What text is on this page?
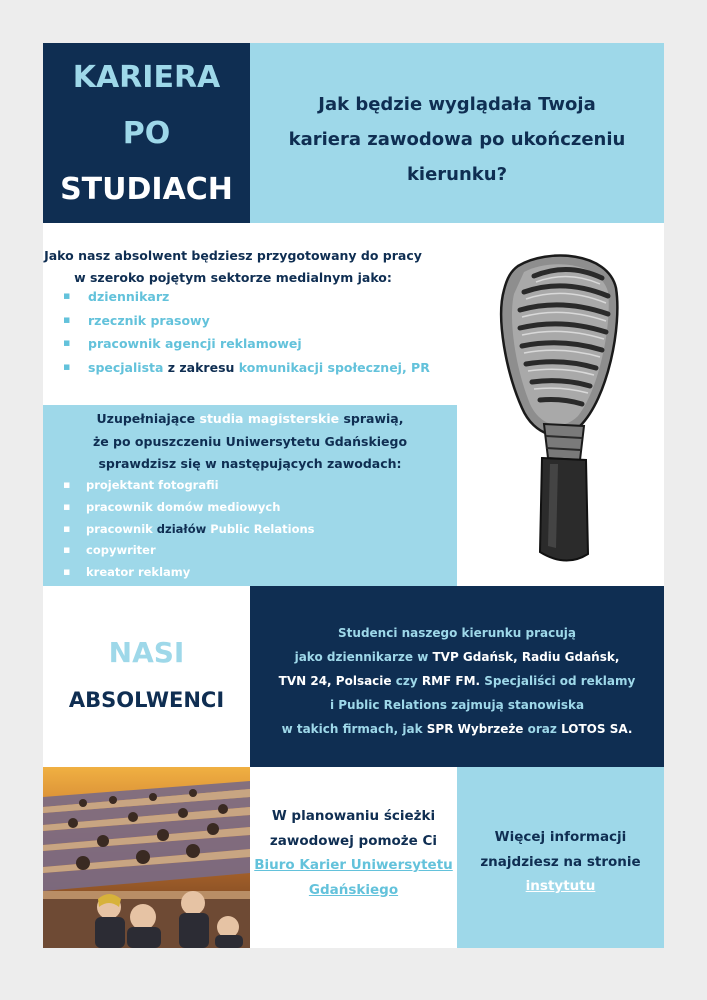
KARIERA
PO
STUDIACH
Jak będzie wyglądała Twoja
kariera zawodowa po ukończeniu
kierunku?
Jako nasz absolwent będziesz przygotowany do pracy
w szeroko pojętym sektorze medialnym jako:
▪ dziennikarz
▪ rzecznik prasowy
▪ pracownik agencji reklamowej
▪ specjalista z zakresu komunikacji społecznej, PR
Uzupełniające studia magisterskie sprawią,
że po opuszczeniu Uniwersytetu Gdańskiego
sprawdzisz się w następujących zawodach:
▪ projektant fotografii
▪ pracownik domów mediowych
▪ pracownik działów Public Relations
▪ copywriter
▪ kreator reklamy
NASI
ABSOLWENCI
Studenci naszego kierunku pracują
jako dziennikarze w TVP Gdańsk, Radiu Gdańsk,
TVN 24, Polsacie czy RMF FM. Specjaliści od reklamy
i Public Relations zajmują stanowiska
w takich firmach, jak SPR Wybrzeże oraz LOTOS SA.
W planowaniu ścieżki
zawodowej pomoże Ci
Biuro Karier Uniwersytetu
Gdańskiego
Więcej informacji
znajdziesz na stronie
instytutu
